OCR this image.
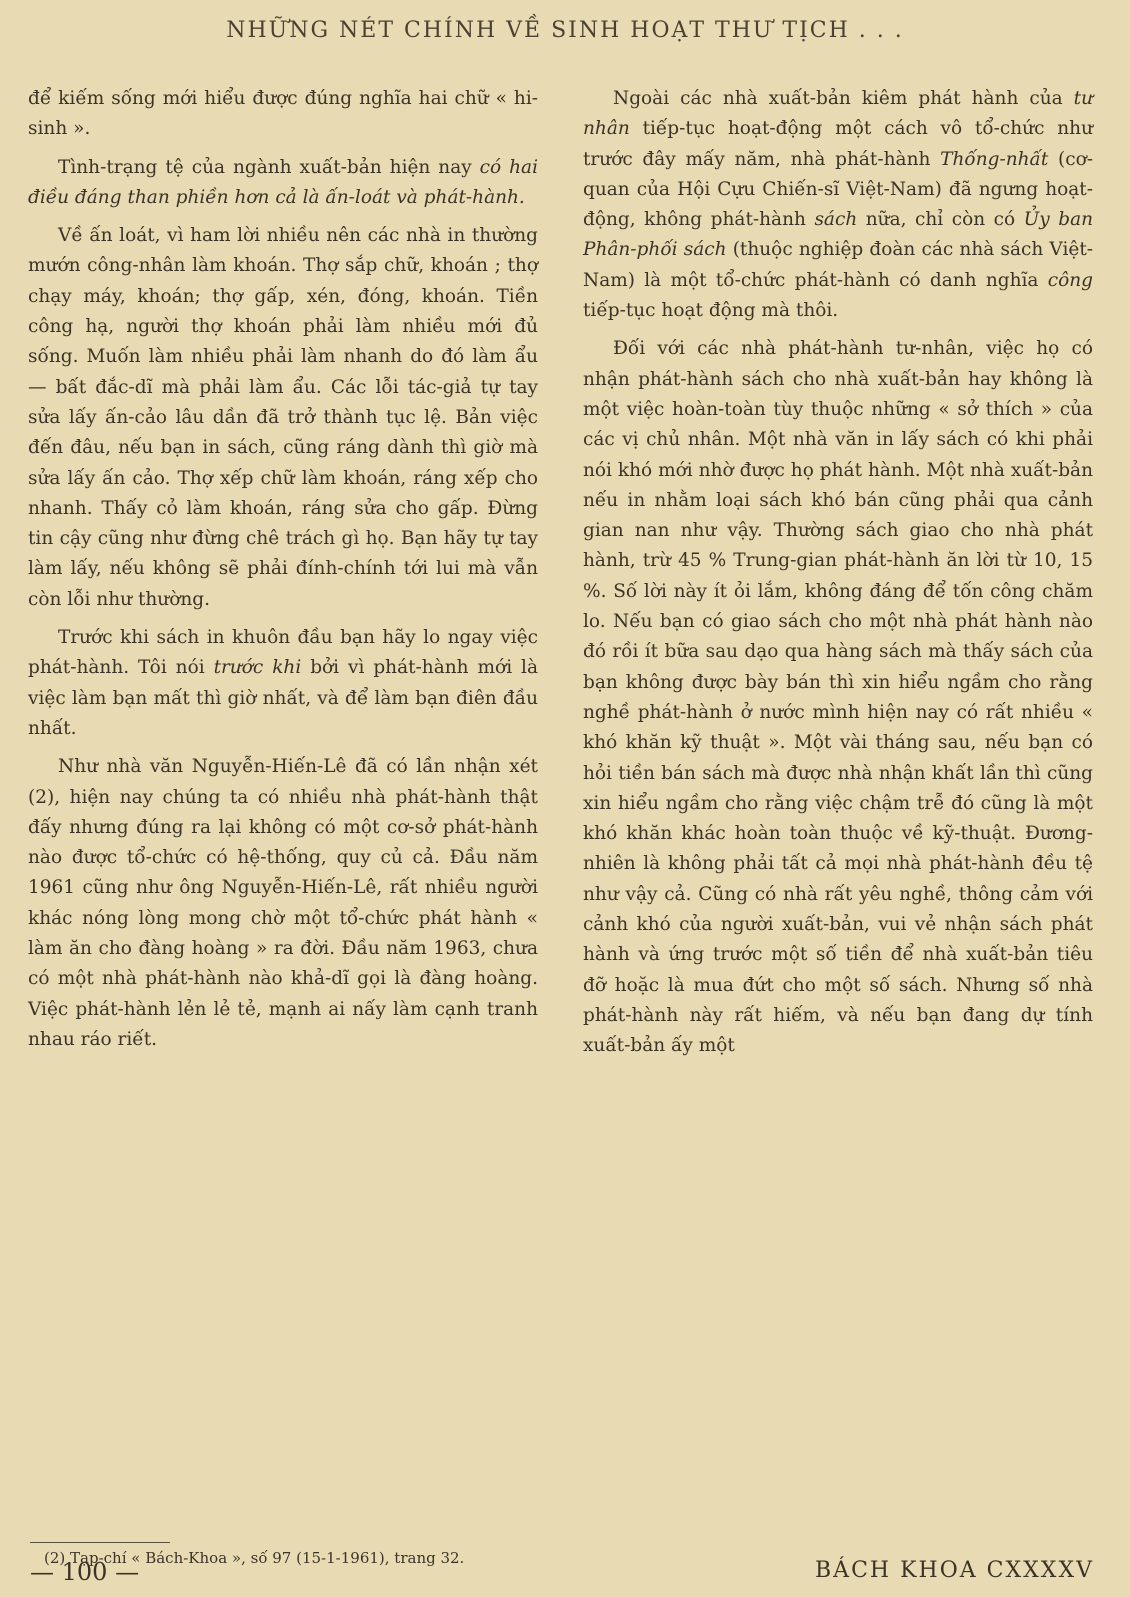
NHỮNG NÉT CHÍNH VỀ SINH HOẠT THƯ TỊCH . . .

để kiếm sống mới hiểu được đúng nghĩa hai chữ « hi-sinh ».

Tình-trạng tệ của ngành xuất-bản hiện nay có hai điều đáng than phiền hơn cả là ấn-loát và phát-hành.

Về ấn loát, vì ham lời nhiều nên các nhà in thường mướn công-nhân làm khoán. Thợ sắp chữ, khoán ; thợ chạy máy, khoán; thợ gấp, xén, đóng, khoán. Tiền công hạ, người thợ khoán phải làm nhiều mới đủ sống. Muốn làm nhiều phải làm nhanh do đó làm ẩu — bất đắc-dĩ mà phải làm ẩu. Các lỗi tác-giả tự tay sửa lấy ấn-cảo lâu dần đã trở thành tục lệ. Bản việc đến đâu, nếu bạn in sách, cũng ráng dành thì giờ mà sửa lấy ấn cảo. Thợ xếp chữ làm khoán, ráng xếp cho nhanh. Thấy cỏ làm khoán, ráng sửa cho gấp. Đừng tin cậy cũng như đừng chê trách gì họ. Bạn hãy tự tay làm lấy, nếu không sẽ phải đính-chính tới lui mà vẫn còn lỗi như thường.

Trước khi sách in khuôn đầu bạn hãy lo ngay việc phát-hành. Tôi nói trước khi bởi vì phát-hành mới là việc làm bạn mất thì giờ nhất, và để làm bạn điên đầu nhất.

Như nhà văn Nguyễn-Hiến-Lê đã có lần nhận xét (2), hiện nay chúng ta có nhiều nhà phát-hành thật đấy nhưng đúng ra lại không có một cơ-sở phát-hành nào được tổ-chức có hệ-thống, quy củ cả. Đầu năm 1961 cũng như ông Nguyễn-Hiến-Lê, rất nhiều người khác nóng lòng mong chờ một tổ-chức phát hành « làm ăn cho đàng hoàng » ra đời. Đầu năm 1963, chưa có một nhà phát-hành nào khả-dĩ gọi là đàng hoàng. Việc phát-hành lẻn lẻ tẻ, mạnh ai nấy làm cạnh tranh nhau ráo riết.

Ngoài các nhà xuất-bản kiêm phát hành của tư nhân tiếp-tục hoạt-động một cách vô tổ-chức như trước đây mấy năm, nhà phát-hành Thống-nhất (cơ-quan của Hội Cựu Chiến-sĩ Việt-Nam) đã ngưng hoạt-động, không phát-hành sách nữa, chỉ còn có Ủy ban Phân-phối sách (thuộc nghiệp đoàn các nhà sách Việt-Nam) là một tổ-chức phát-hành có danh nghĩa công tiếp-tục hoạt động mà thôi.

Đối với các nhà phát-hành tư-nhân, việc họ có nhận phát-hành sách cho nhà xuất-bản hay không là một việc hoàn-toàn tùy thuộc những « sở thích » của các vị chủ nhân. Một nhà văn in lấy sách có khi phải nói khó mới nhờ được họ phát hành. Một nhà xuất-bản nếu in nhằm loại sách khó bán cũng phải qua cảnh gian nan như vậy. Thường sách giao cho nhà phát hành, trừ 45 % Trung-gian phát-hành ăn lời từ 10, 15 %. Số lời này ít ỏi lắm, không đáng để tốn công chăm lo. Nếu bạn có giao sách cho một nhà phát hành nào đó rồi ít bữa sau dạo qua hàng sách mà thấy sách của bạn không được bày bán thì xin hiểu ngầm cho rằng nghề phát-hành ở nước mình hiện nay có rất nhiều « khó khăn kỹ thuật ». Một vài tháng sau, nếu bạn có hỏi tiền bán sách mà được nhà nhận khất lần thì cũng xin hiểu ngầm cho rằng việc chậm trễ đó cũng là một khó khăn khác hoàn toàn thuộc về kỹ-thuật. Đương-nhiên là không phải tất cả mọi nhà phát-hành đều tệ như vậy cả. Cũng có nhà rất yêu nghề, thông cảm với cảnh khó của người xuất-bản, vui vẻ nhận sách phát hành và ứng trước một số tiền để nhà xuất-bản tiêu đỡ hoặc là mua đứt cho một số sách. Nhưng số nhà phát-hành này rất hiếm, và nếu bạn đang dự tính xuất-bản ấy một

(2) Tạp-chí « Bách-Khoa », số 97 (15-1-1961), trang 32.
— 100 —	BÁCH KHOA CXXXXV
